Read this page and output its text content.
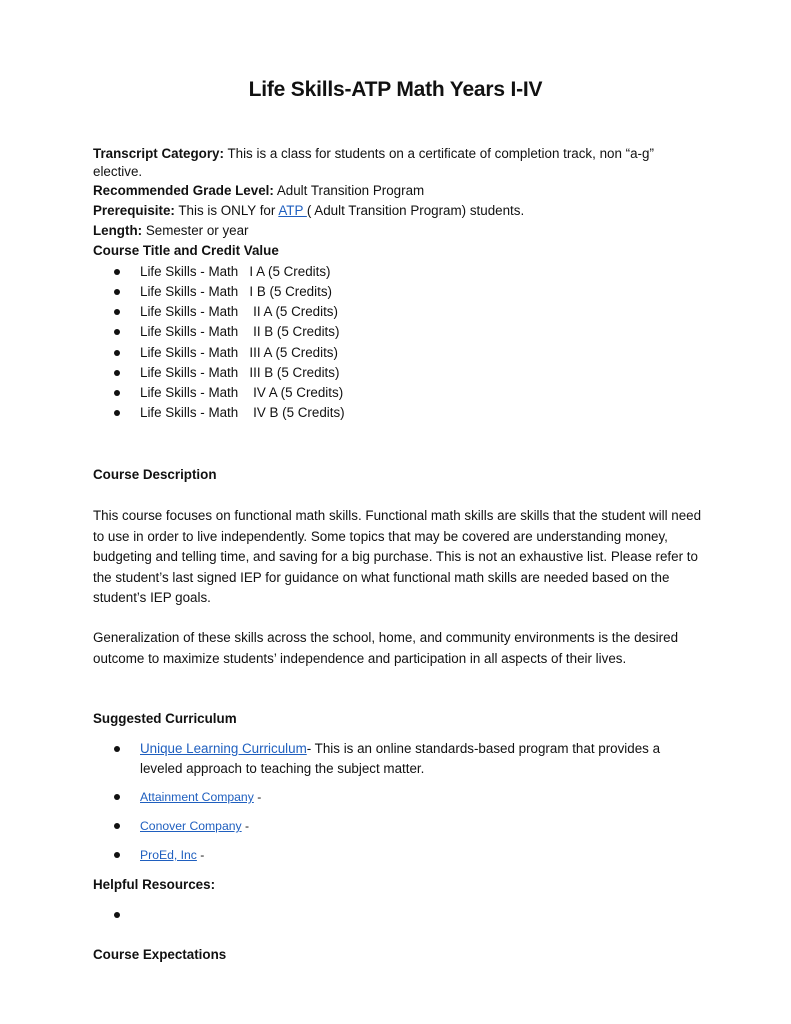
Life Skills-ATP Math Years I-IV
Transcript Category: This is a class for students on a certificate of completion track, non “a-g”
elective.
Recommended Grade Level: Adult Transition Program
Prerequisite: This is ONLY for ATP ( Adult Transition Program) students.
Length: Semester or year
Course Title and Credit Value
Life Skills - Math   I A (5 Credits)
Life Skills - Math   I B (5 Credits)
Life Skills - Math    II A (5 Credits)
Life Skills - Math    II B (5 Credits)
Life Skills - Math   III A (5 Credits)
Life Skills - Math   III B (5 Credits)
Life Skills - Math    IV A (5 Credits)
Life Skills - Math    IV B (5 Credits)
Course Description
This course focuses on functional math skills. Functional math skills are skills that the student will need to use in order to live independently. Some topics that may be covered are understanding money, budgeting and telling time, and saving for a big purchase. This is not an exhaustive list. Please refer to the student’s last signed IEP for guidance on what functional math skills are needed based on the student’s IEP goals.
Generalization of these skills across the school, home, and community environments is the desired outcome to maximize students’ independence and participation in all aspects of their lives.
Suggested Curriculum
Unique Learning Curriculum- This is an online standards-based program that provides a
leveled approach to teaching the subject matter.
Attainment Company -
Conover Company -
ProEd, Inc -
Helpful Resources:
Course Expectations
